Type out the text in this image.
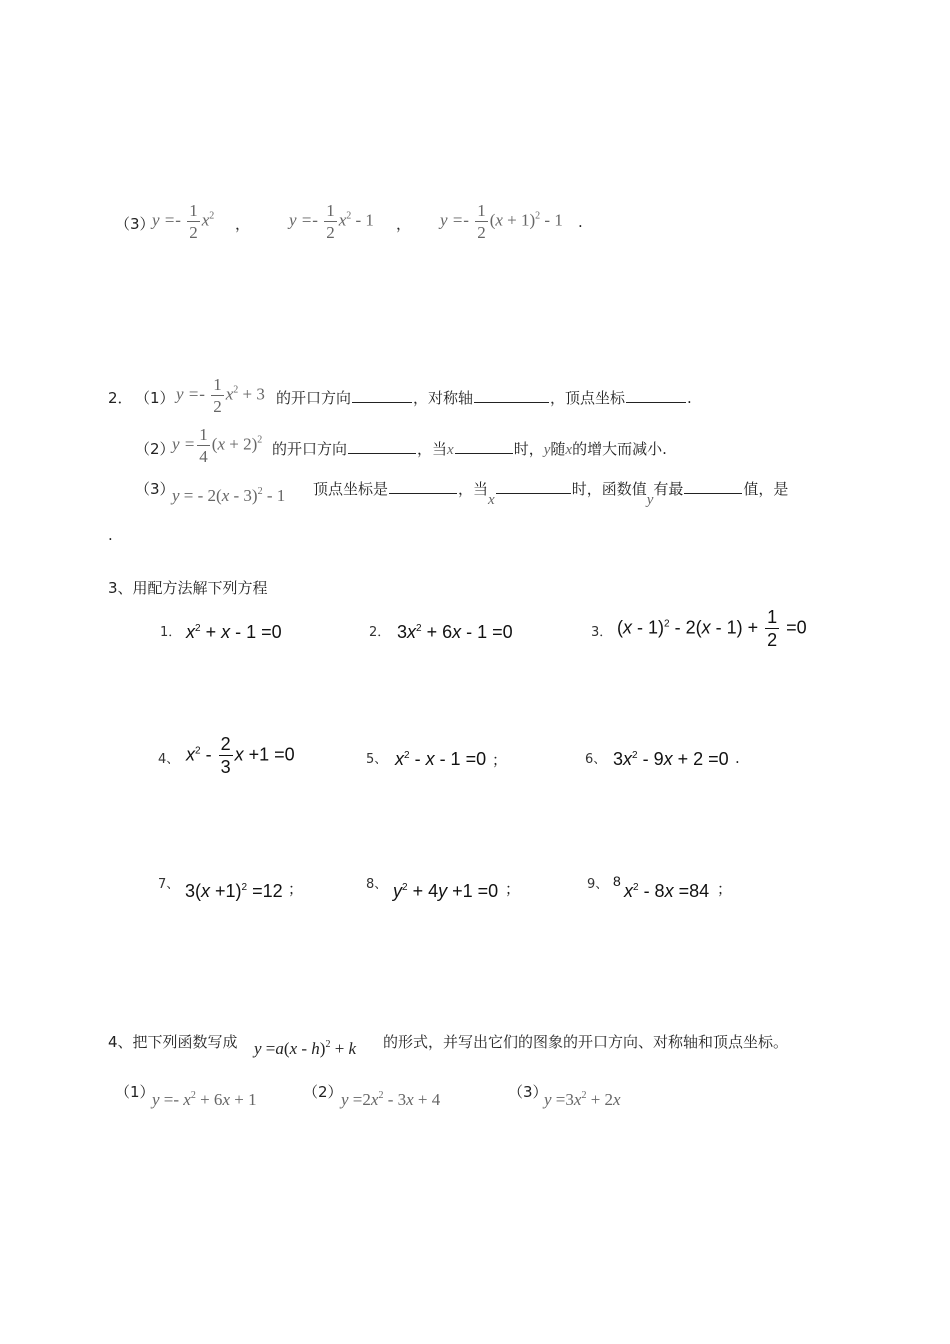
（3）
$y =- \frac{1}{2} x^2$ ， $y =- \frac{1}{2} x^2 - 1$ ， $y =- \frac{1}{2} (x + 1)^2 - 1$ .
2． （1） $y =- \frac{1}{2} x^2 + 3$ 的开口方向	，对称轴	，顶点坐标	.
（2）
$y = \frac{1}{4} (x + 2)^2$
的开口方向	，当x	时，y随x的增大而减小.
（3）
y = - 2(x - 3)$^2$ - 1 顶点坐标是	，当x时，函数值y有最	值，是
.
3、用配方法解下列方程
1． $x^2 + x - 1 =0$	2． $3x^2 + 6x - 1 =0$	3． $(x - 1)^2 - 2(x - 1) + \frac{1}{2} =0$
4、 $x^2 - \frac{2}{3}$ x +1 =0	5、 $x^2 - x - 1 =0$ ；	6、 $3x^2 - 9x + 2 =0$ .
7、 $3(x +1)^2 =12$ ；	8、 $y^2 + 4y +1 =0$ ；	9、 8 $x^2 - 8x =84$ ；
4、把下列函数写成 y =a(x - h)$^2$ + k 的形式，并写出它们的图象的开口方向、对称轴和顶点坐标。
（1）
$y =- x^2 + 6x + 1$	（2）
$y =2x^2 - 3x + 4$	（3）
$y =3x^2 + 2x$
